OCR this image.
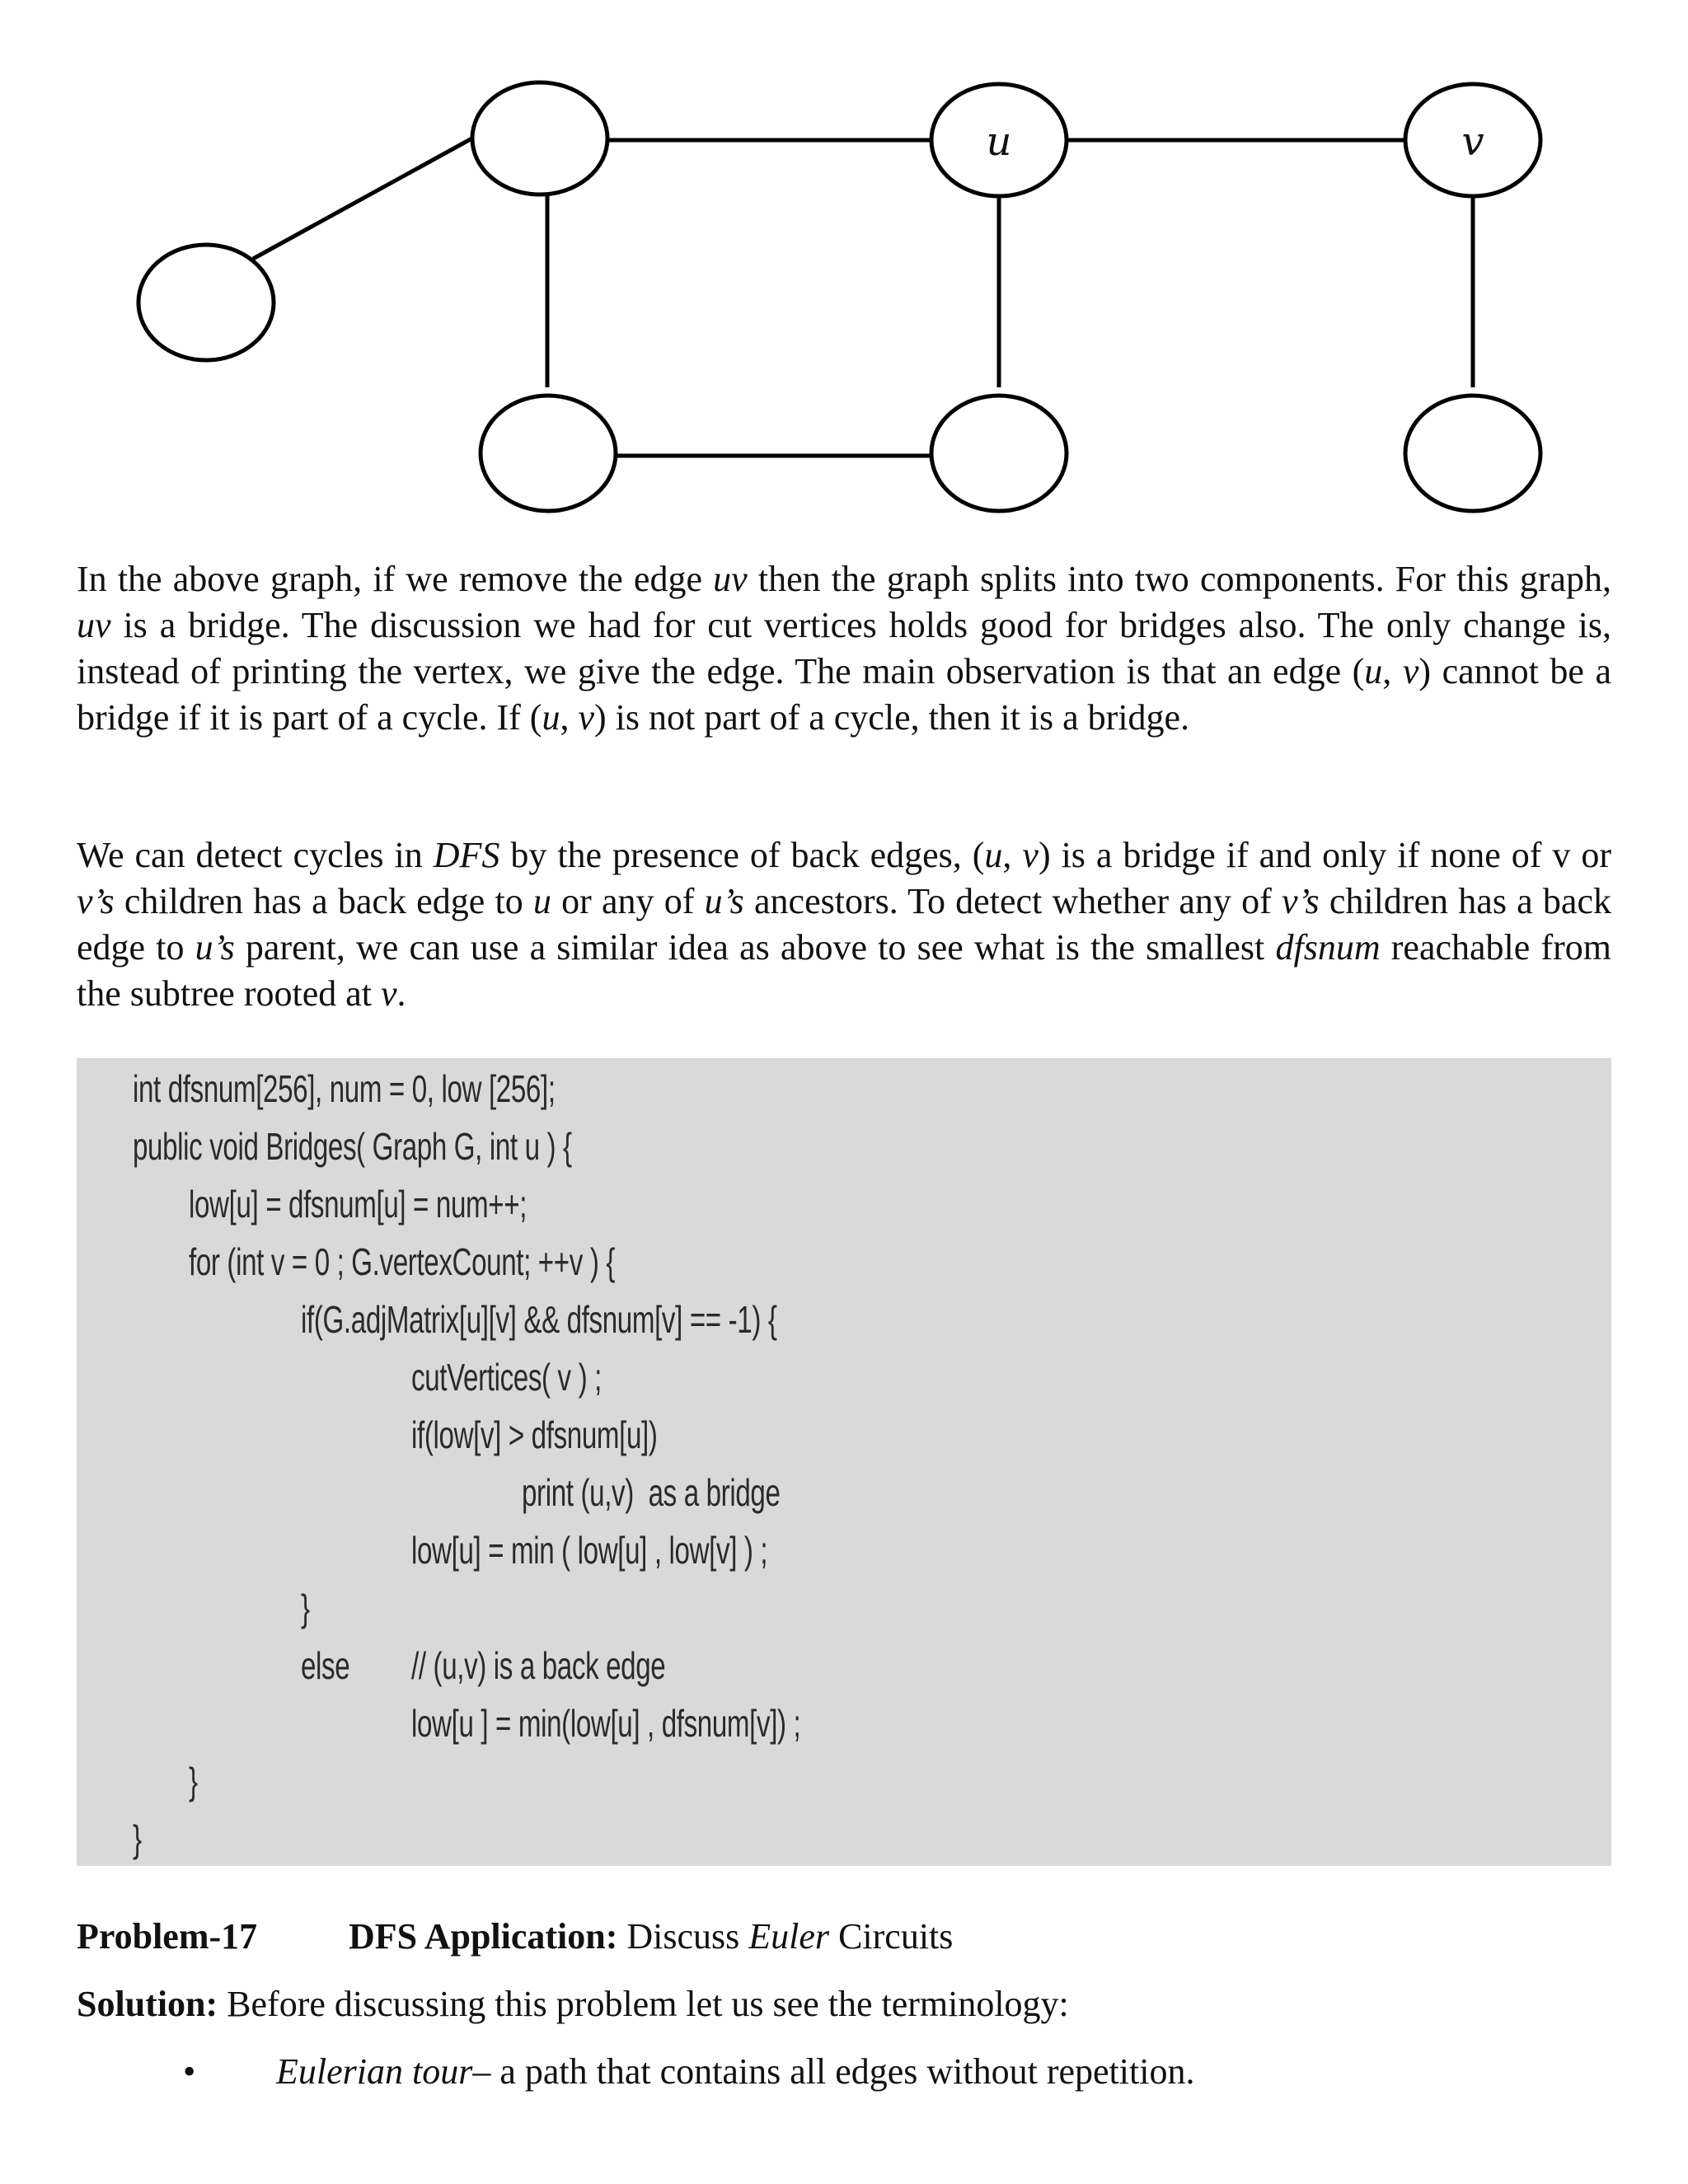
u	v

In the above graph, if we remove the edge uv then the graph splits into two components. For this graph, uv is a bridge. The discussion we had for cut vertices holds good for bridges also. The only change is, instead of printing the vertex, we give the edge. The main observation is that an edge (u, v) cannot be a bridge if it is part of a cycle. If (u, v) is not part of a cycle, then it is a bridge.

We can detect cycles in DFS by the presence of back edges, (u, v) is a bridge if and only if none of v or v’s children has a back edge to u or any of u’s ancestors. To detect whether any of v’s children has a back edge to u’s parent, we can use a similar idea as above to see what is the smallest dfsnum reachable from the subtree rooted at v.

int dfsnum[256], num = 0, low [256];
public void Bridges( Graph G, int u ) {
low[u] = dfsnum[u] = num++;
for (int v = 0 ; G.vertexCount; ++v ) {
if(G.adjMatrix[u][v] && dfsnum[v] == -1) {
cutVertices( v ) ;
if(low[v] > dfsnum[u])
print (u,v)  as a bridge
low[u] = min ( low[u] , low[v] ) ;
}
else // (u,v) is a back edge
low[u ] = min(low[u] , dfsnum[v]) ;
}
}
Problem-17	DFS Application: Discuss Euler Circuits
Solution: Before discussing this problem let us see the terminology:
• Eulerian tour– a path that contains all edges without repetition.
